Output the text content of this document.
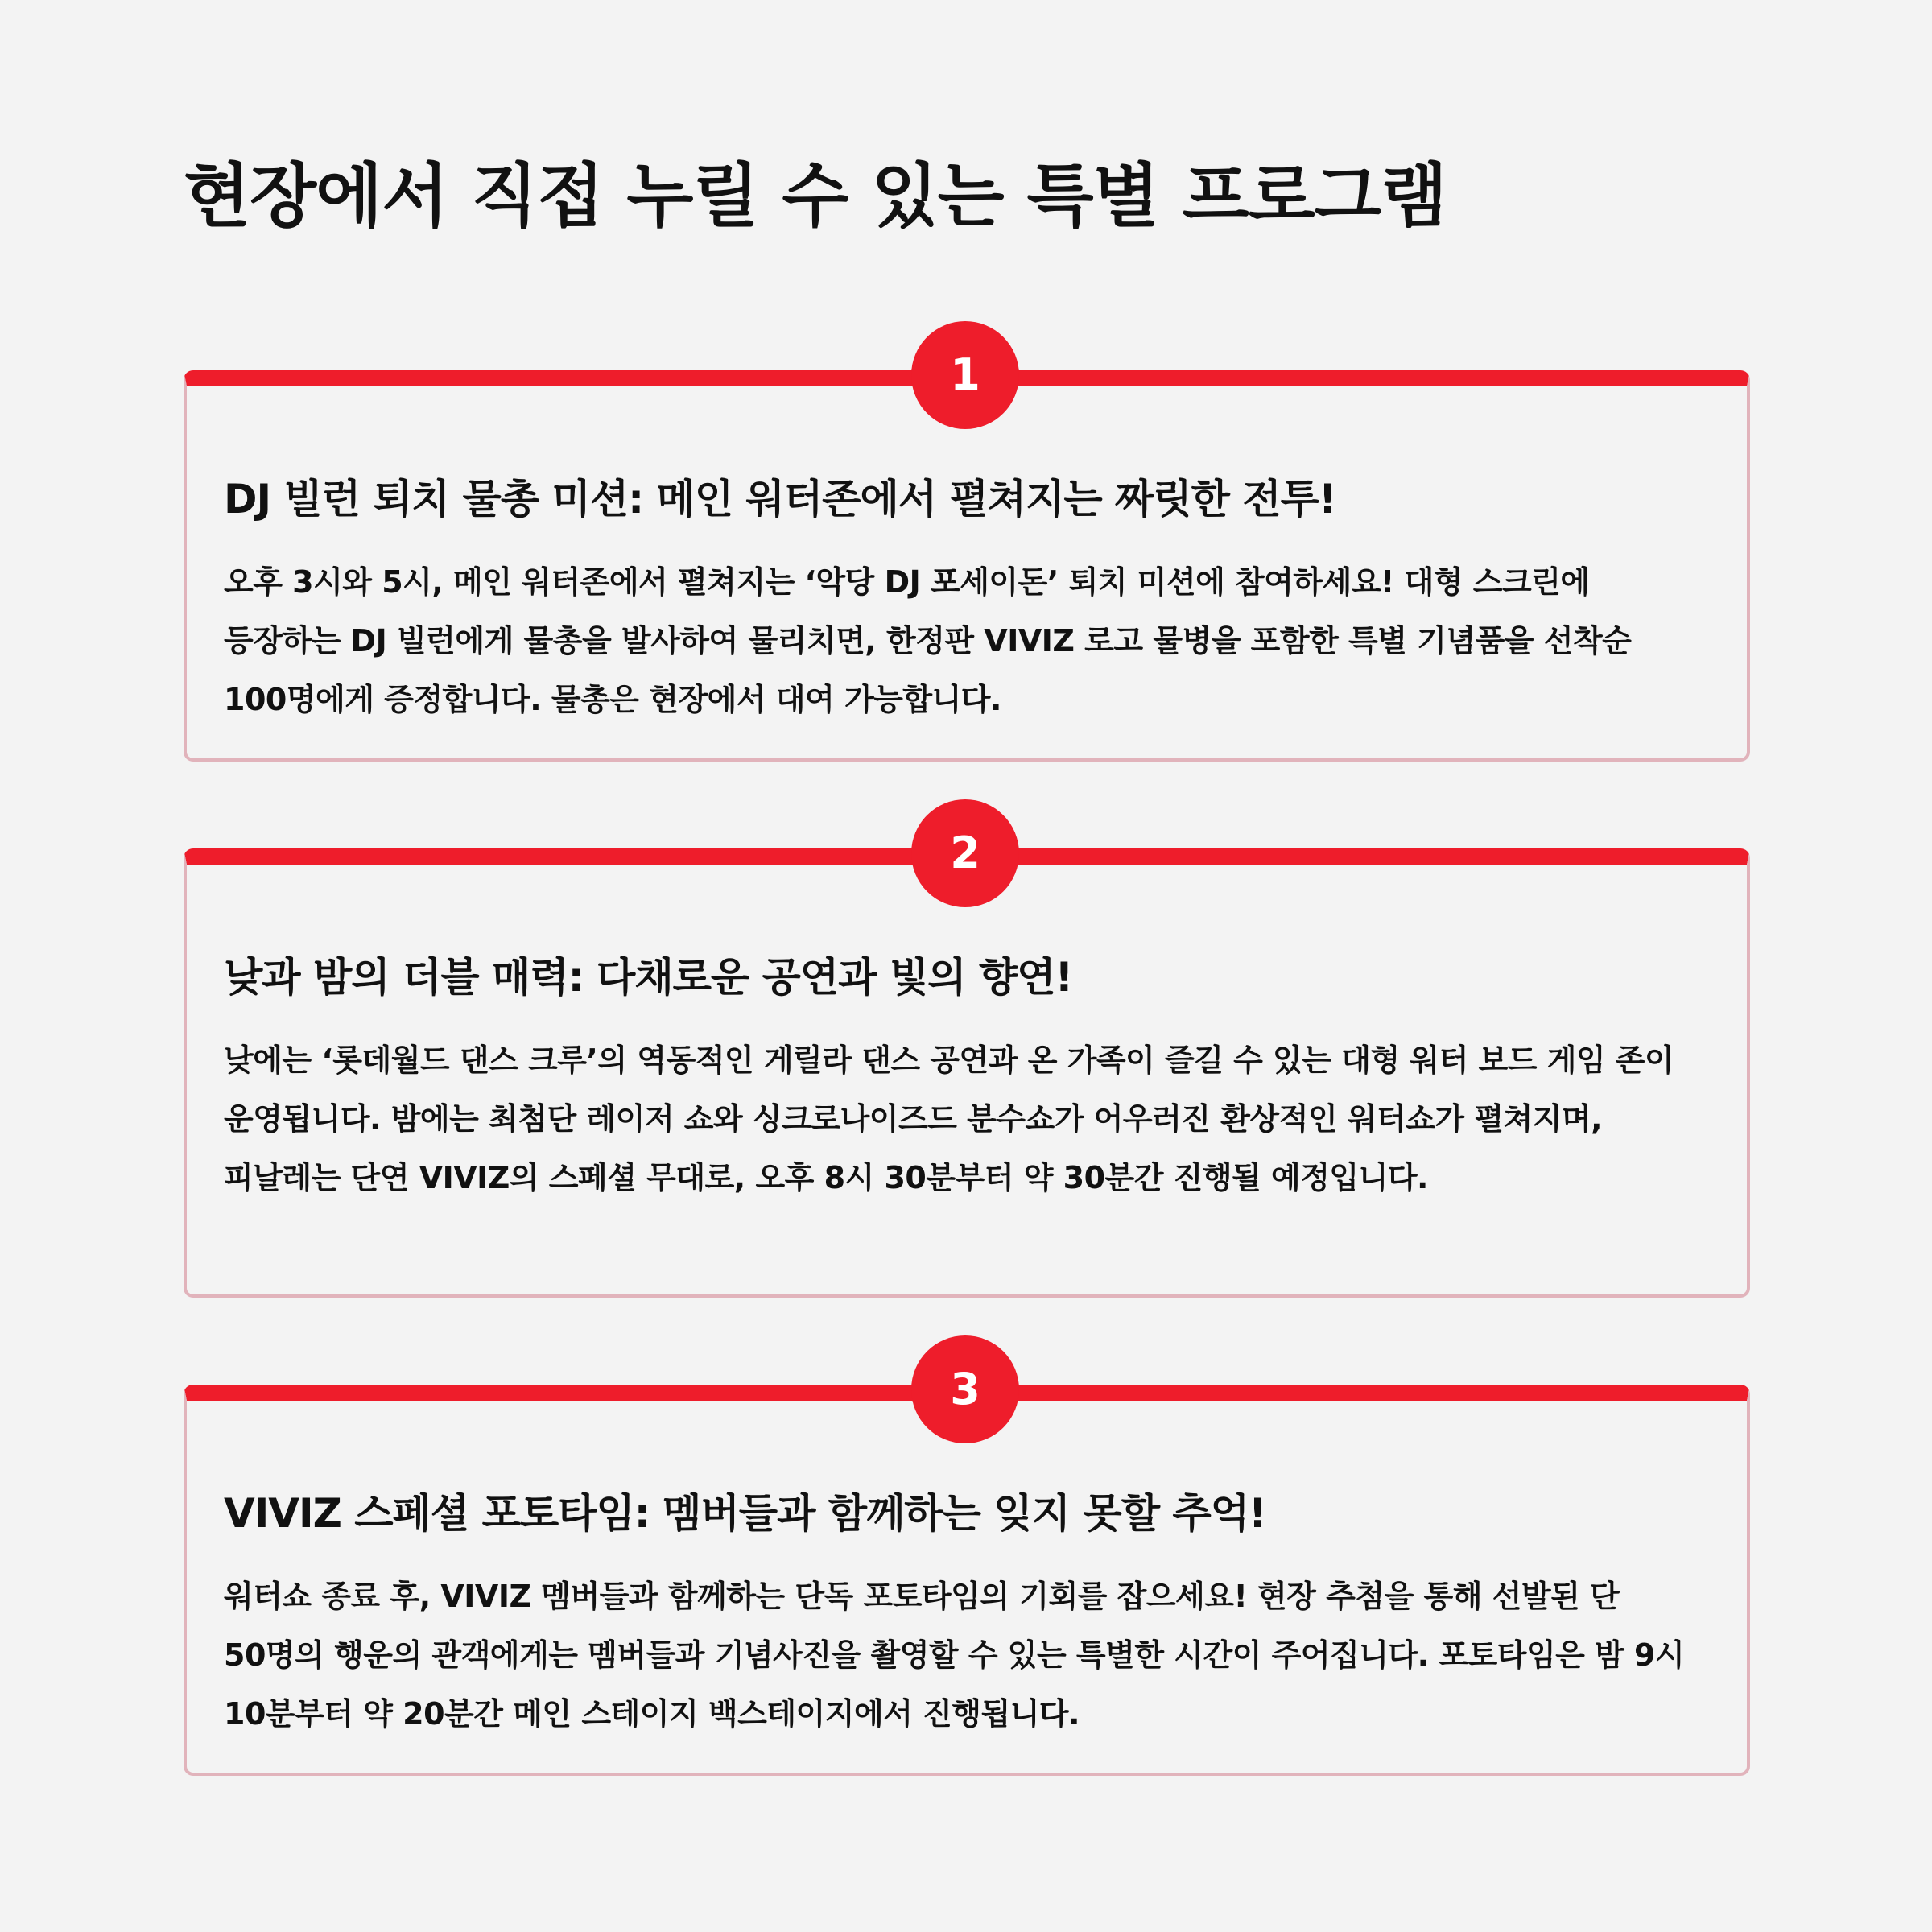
현장에서 직접 누릴 수 있는 특별 프로그램
DJ 빌런 퇴치 물총 미션: 메인 워터존에서 펼쳐지는 짜릿한 전투!

오후 3시와 5시, 메인 워터존에서 펼쳐지는 ‘악당 DJ 포세이돈’ 퇴치 미션에 참여하세요! 대형 스크린에 등장하는 DJ 빌런에게 물총을 발사하여 물리치면, 한정판 VIVIZ 로고 물병을 포함한 특별 기념품을 선착순 100명에게 증정합니다. 물총은 현장에서 대여 가능합니다.

1
낮과 밤의 더블 매력: 다채로운 공연과 빛의 향연!

낮에는 ‘롯데월드 댄스 크루’의 역동적인 게릴라 댄스 공연과 온 가족이 즐길 수 있는 대형 워터 보드 게임 존이 운영됩니다. 밤에는 최첨단 레이저 쇼와 싱크로나이즈드 분수쇼가 어우러진 환상적인 워터쇼가 펼쳐지며, 피날레는 단연 VIVIZ의 스페셜 무대로, 오후 8시 30분부터 약 30분간 진행될 예정입니다.

2
VIVIZ 스페셜 포토타임: 멤버들과 함께하는 잊지 못할 추억!

워터쇼 종료 후, VIVIZ 멤버들과 함께하는 단독 포토타임의 기회를 잡으세요! 현장 추첨을 통해 선발된 단 50명의 행운의 관객에게는 멤버들과 기념사진을 촬영할 수 있는 특별한 시간이 주어집니다. 포토타임은 밤 9시 10분부터 약 20분간 메인 스테이지 백스테이지에서 진행됩니다.

3
